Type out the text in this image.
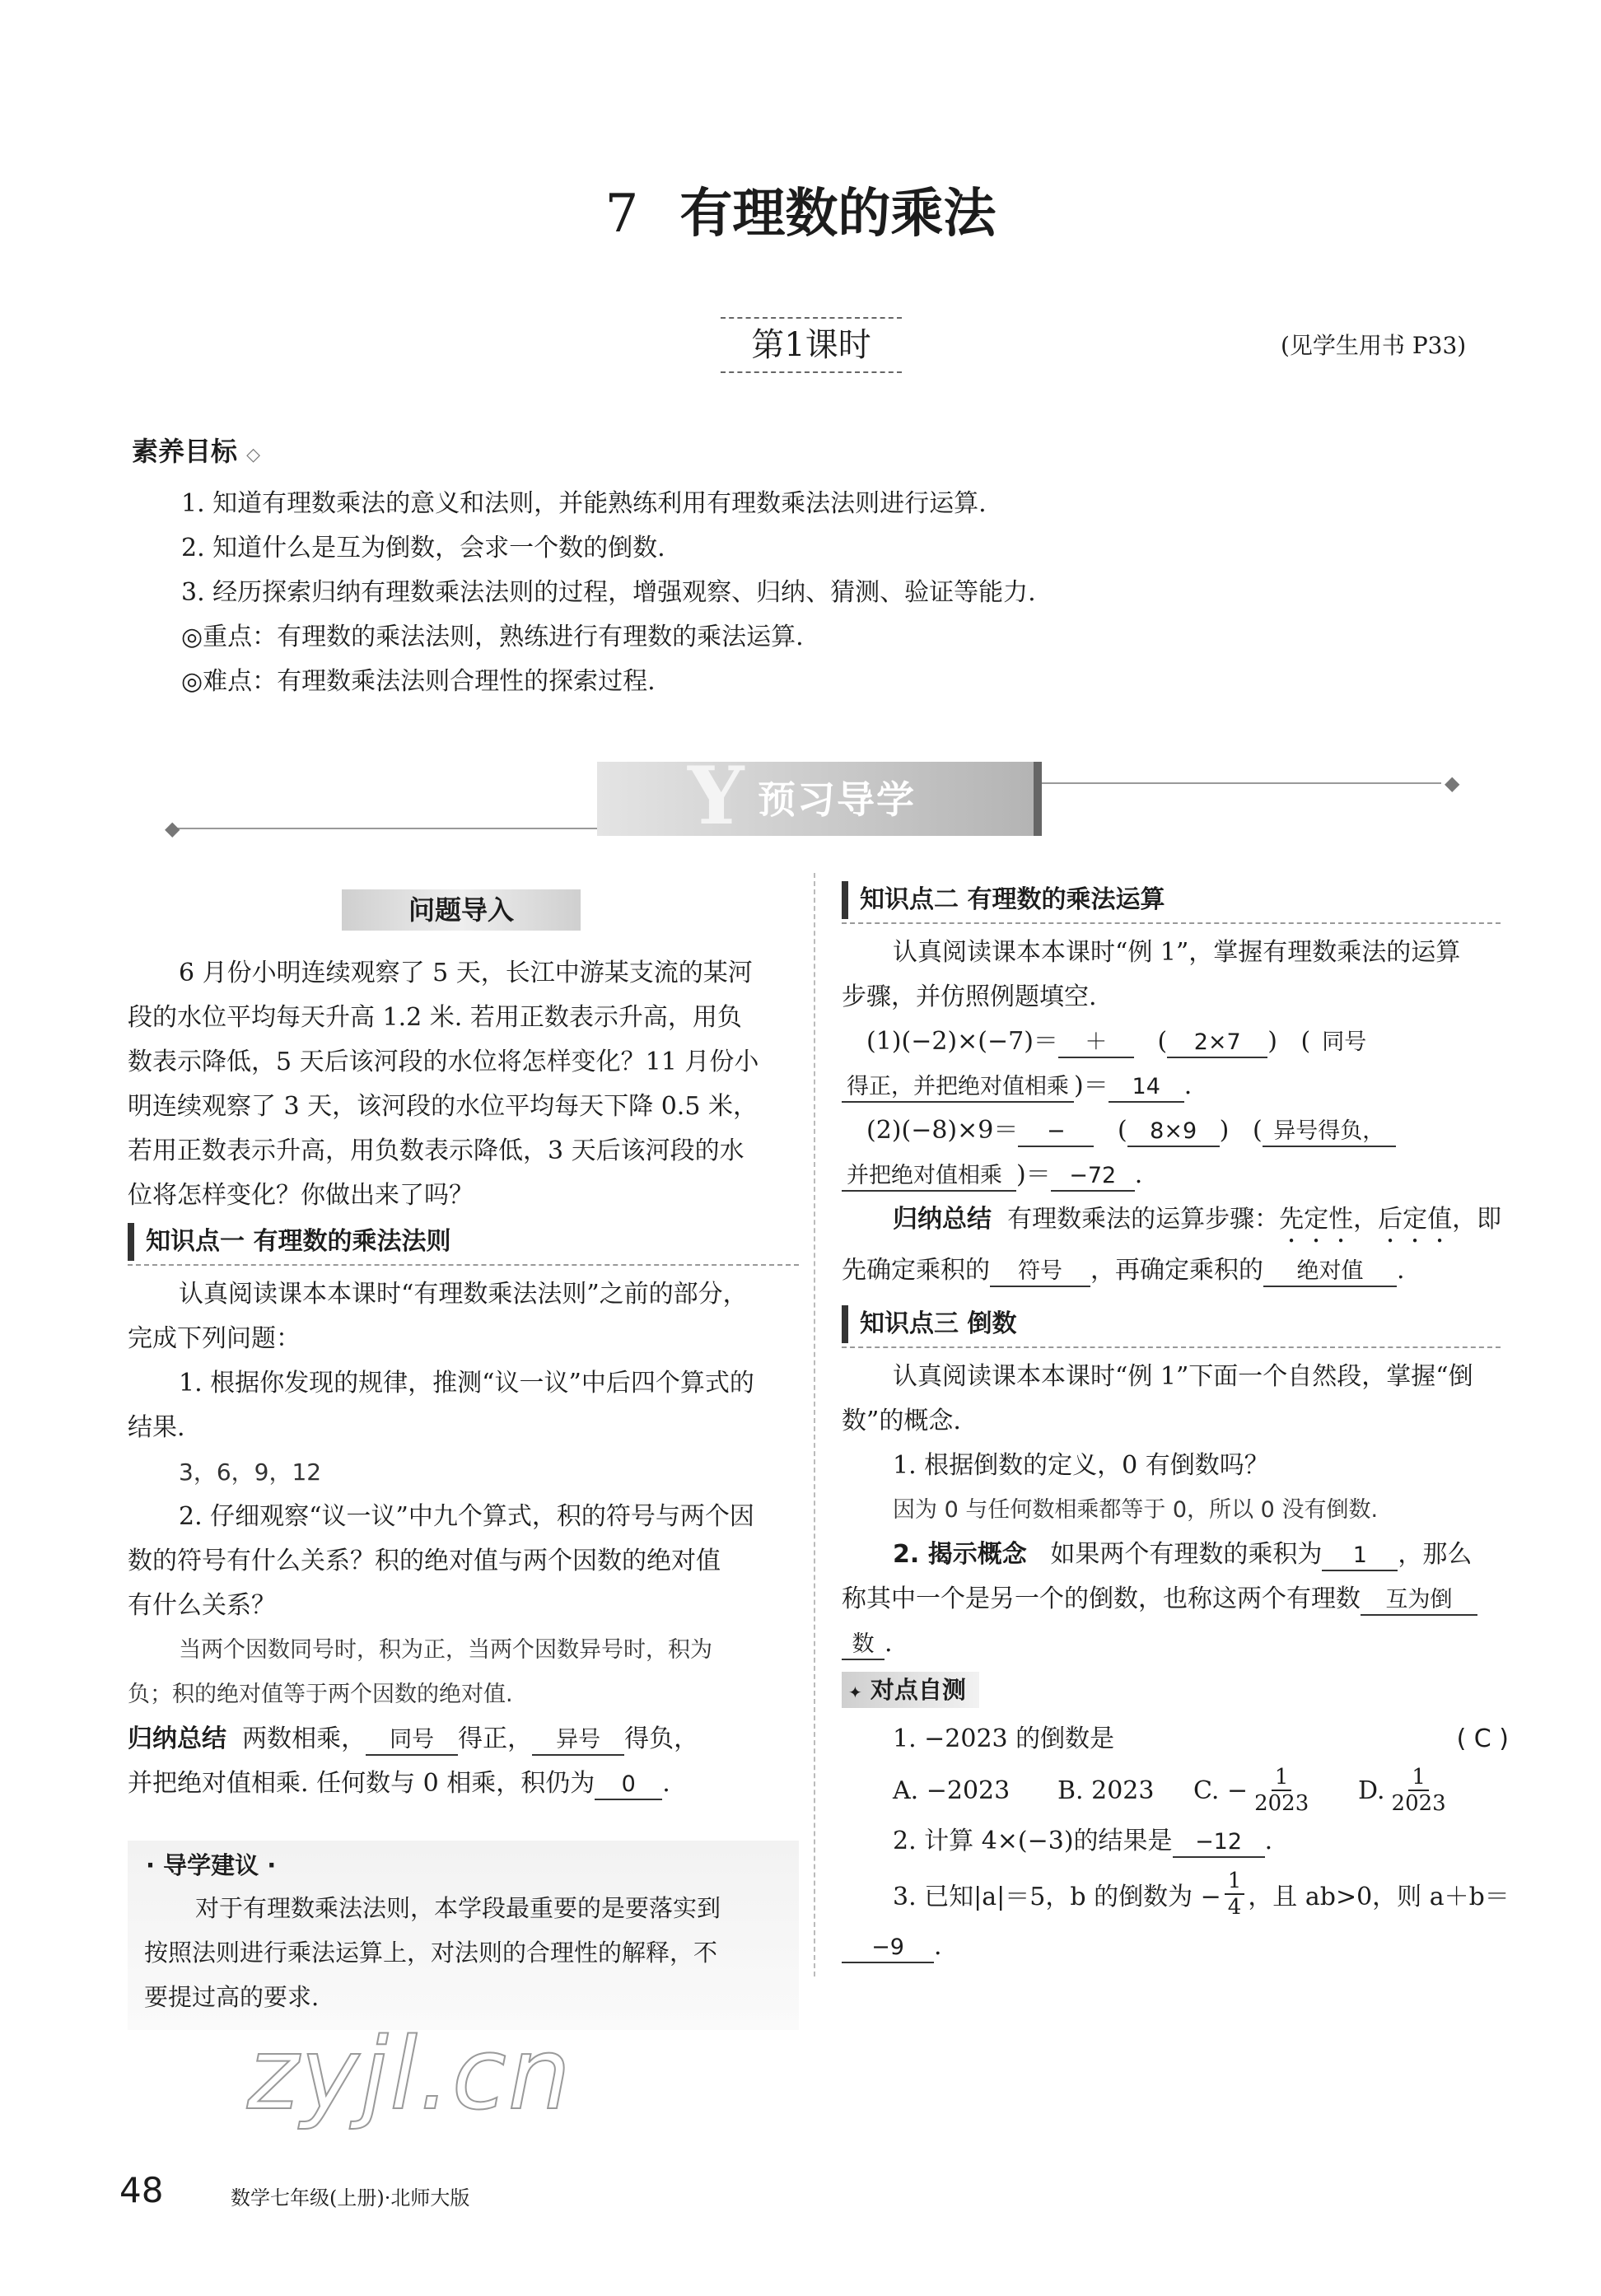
7 有理数的乘法
第1课时	(见学生用书 P33)
素养目标 ◇
1. 知道有理数乘法的意义和法则，并能熟练利用有理数乘法法则进行运算.
2. 知道什么是互为倒数，会求一个数的倒数.
3. 经历探索归纳有理数乘法法则的过程，增强观察、归纳、猜测、验证等能力.
◎重点：有理数的乘法法则，熟练进行有理数的乘法运算.
◎难点：有理数乘法法则合理性的探索过程.
◆
◆	Y 预习导学
问题导入
6 月份小明连续观察了 5 天，长江中游某支流的某河
段的水位平均每天升高 1.2 米. 若用正数表示升高，用负
数表示降低，5 天后该河段的水位将怎样变化？11 月份小
明连续观察了 3 天，该河段的水位平均每天下降 0.5 米，
若用正数表示升高，用负数表示降低，3 天后该河段的水
位将怎样变化？你做出来了吗？
知识点一 有理数的乘法法则
认真阅读课本本课时“有理数乘法法则”之前的部分，
完成下列问题：
1. 根据你发现的规律，推测“议一议”中后四个算式的
结果.
3，6，9，12
2. 仔细观察“议一议”中九个算式，积的符号与两个因
数的符号有什么关系？积的绝对值与两个因数的绝对值
有什么关系？
当两个因数同号时，积为正，当两个因数异号时，积为
负；积的绝对值等于两个因数的绝对值.
归纳总结 两数相乘， 同号 得正， 异号 得负，
并把绝对值相乘. 任何数与 0 相乘，积仍为 0 .
· 导学建议 ·
对于有理数乘法法则，本学段最重要的是要落实到
按照法则进行乘法运算上，对法则的合理性的解释，不
要提过高的要求.
知识点二 有理数的乘法运算
认真阅读课本本课时“例 1”，掌握有理数乘法的运算
步骤，并仿照例题填空.
(1)(−2)×(−7)＝ ＋   ( 2×7 )   ( 同号
得正，并把绝对值相乘 )＝ 14 .
(2)(−8)×9＝ −   ( 8×9 )   ( 异号得负，
并把绝对值相乘 )＝ −72 .
归纳总结 有理数乘法的运算步骤：先定性，后定值，即
先确定乘积的 符号 ，再确定乘积的 绝对值 .
知识点三 倒数
认真阅读课本本课时“例 1”下面一个自然段，掌握“倒
数”的概念.
1. 根据倒数的定义，0 有倒数吗？
因为 0 与任何数相乘都等于 0，所以 0 没有倒数.
2. 揭示概念 如果两个有理数的乘积为 1 ，那么
称其中一个是另一个的倒数，也称这两个有理数 互为倒
数 .
✦ 对点自测
1. −2023 的倒数是	( C )
A. −2023	B. 2023	C. − $\frac{1}{2023} D$. $\frac{1}{2023}$
2. 计算 4×(−3)的结果是 −12 .
3. 已知|a|＝5，b 的倒数为 − $\frac{1}{4}$ ，且 ab>0，则 a＋b＝
−9 .
zyjl.cn
48	数学七年级(上册)·北师大版
